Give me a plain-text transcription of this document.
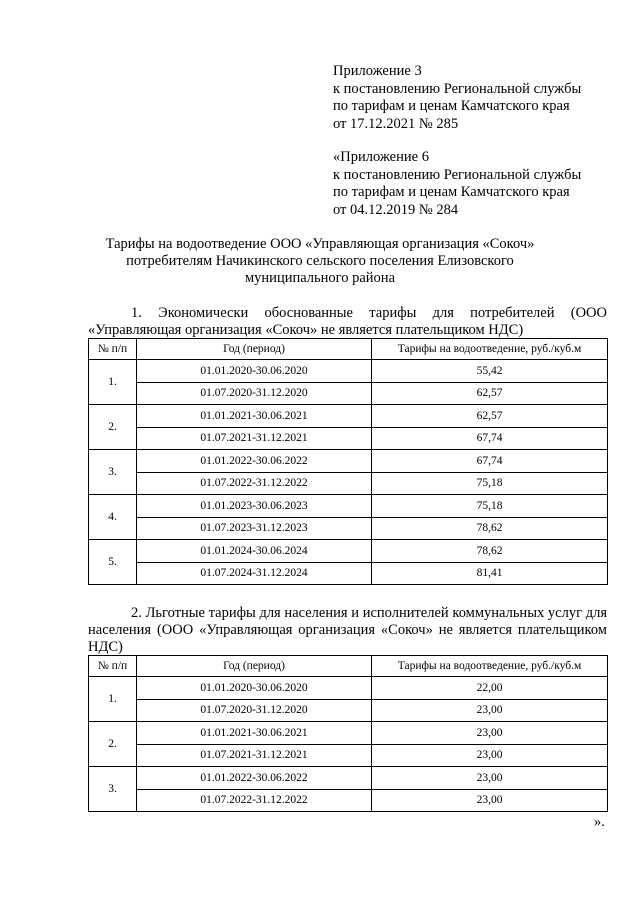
Приложение 3
к постановлению Региональной службы
по тарифам и ценам Камчатского края
от 17.12.2021 № 285
«Приложение 6
к постановлению Региональной службы
по тарифам и ценам Камчатского края
от 04.12.2019 № 284
Тарифы на водоотведение ООО «Управляющая организация «Сокоч» потребителям Начикинского сельского поселения Елизовского муниципального района
1. Экономически обоснованные тарифы для потребителей (ООО «Управляющая организация «Сокоч» не является плательщиком НДС)
№ п/п	Год (период)	Тарифы на водоотведение, руб./куб.м
1.	01.01.2020-30.06.2020	55,42
	01.07.2020-31.12.2020	62,57
2.	01.01.2021-30.06.2021	62,57
	01.07.2021-31.12.2021	67,74
3.	01.01.2022-30.06.2022	67,74
	01.07.2022-31.12.2022	75,18
4.	01.01.2023-30.06.2023	75,18
	01.07.2023-31.12.2023	78,62
5.	01.01.2024-30.06.2024	78,62
	01.07.2024-31.12.2024	81,41
2. Льготные тарифы для населения и исполнителей коммунальных услуг для населения (ООО «Управляющая организация «Сокоч» не является плательщиком НДС)
№ п/п	Год (период)	Тарифы на водоотведение, руб./куб.м
1.	01.01.2020-30.06.2020	22,00
	01.07.2020-31.12.2020	23,00
2.	01.01.2021-30.06.2021	23,00
	01.07.2021-31.12.2021	23,00
3.	01.01.2022-30.06.2022	23,00
	01.07.2022-31.12.2022	23,00
».
